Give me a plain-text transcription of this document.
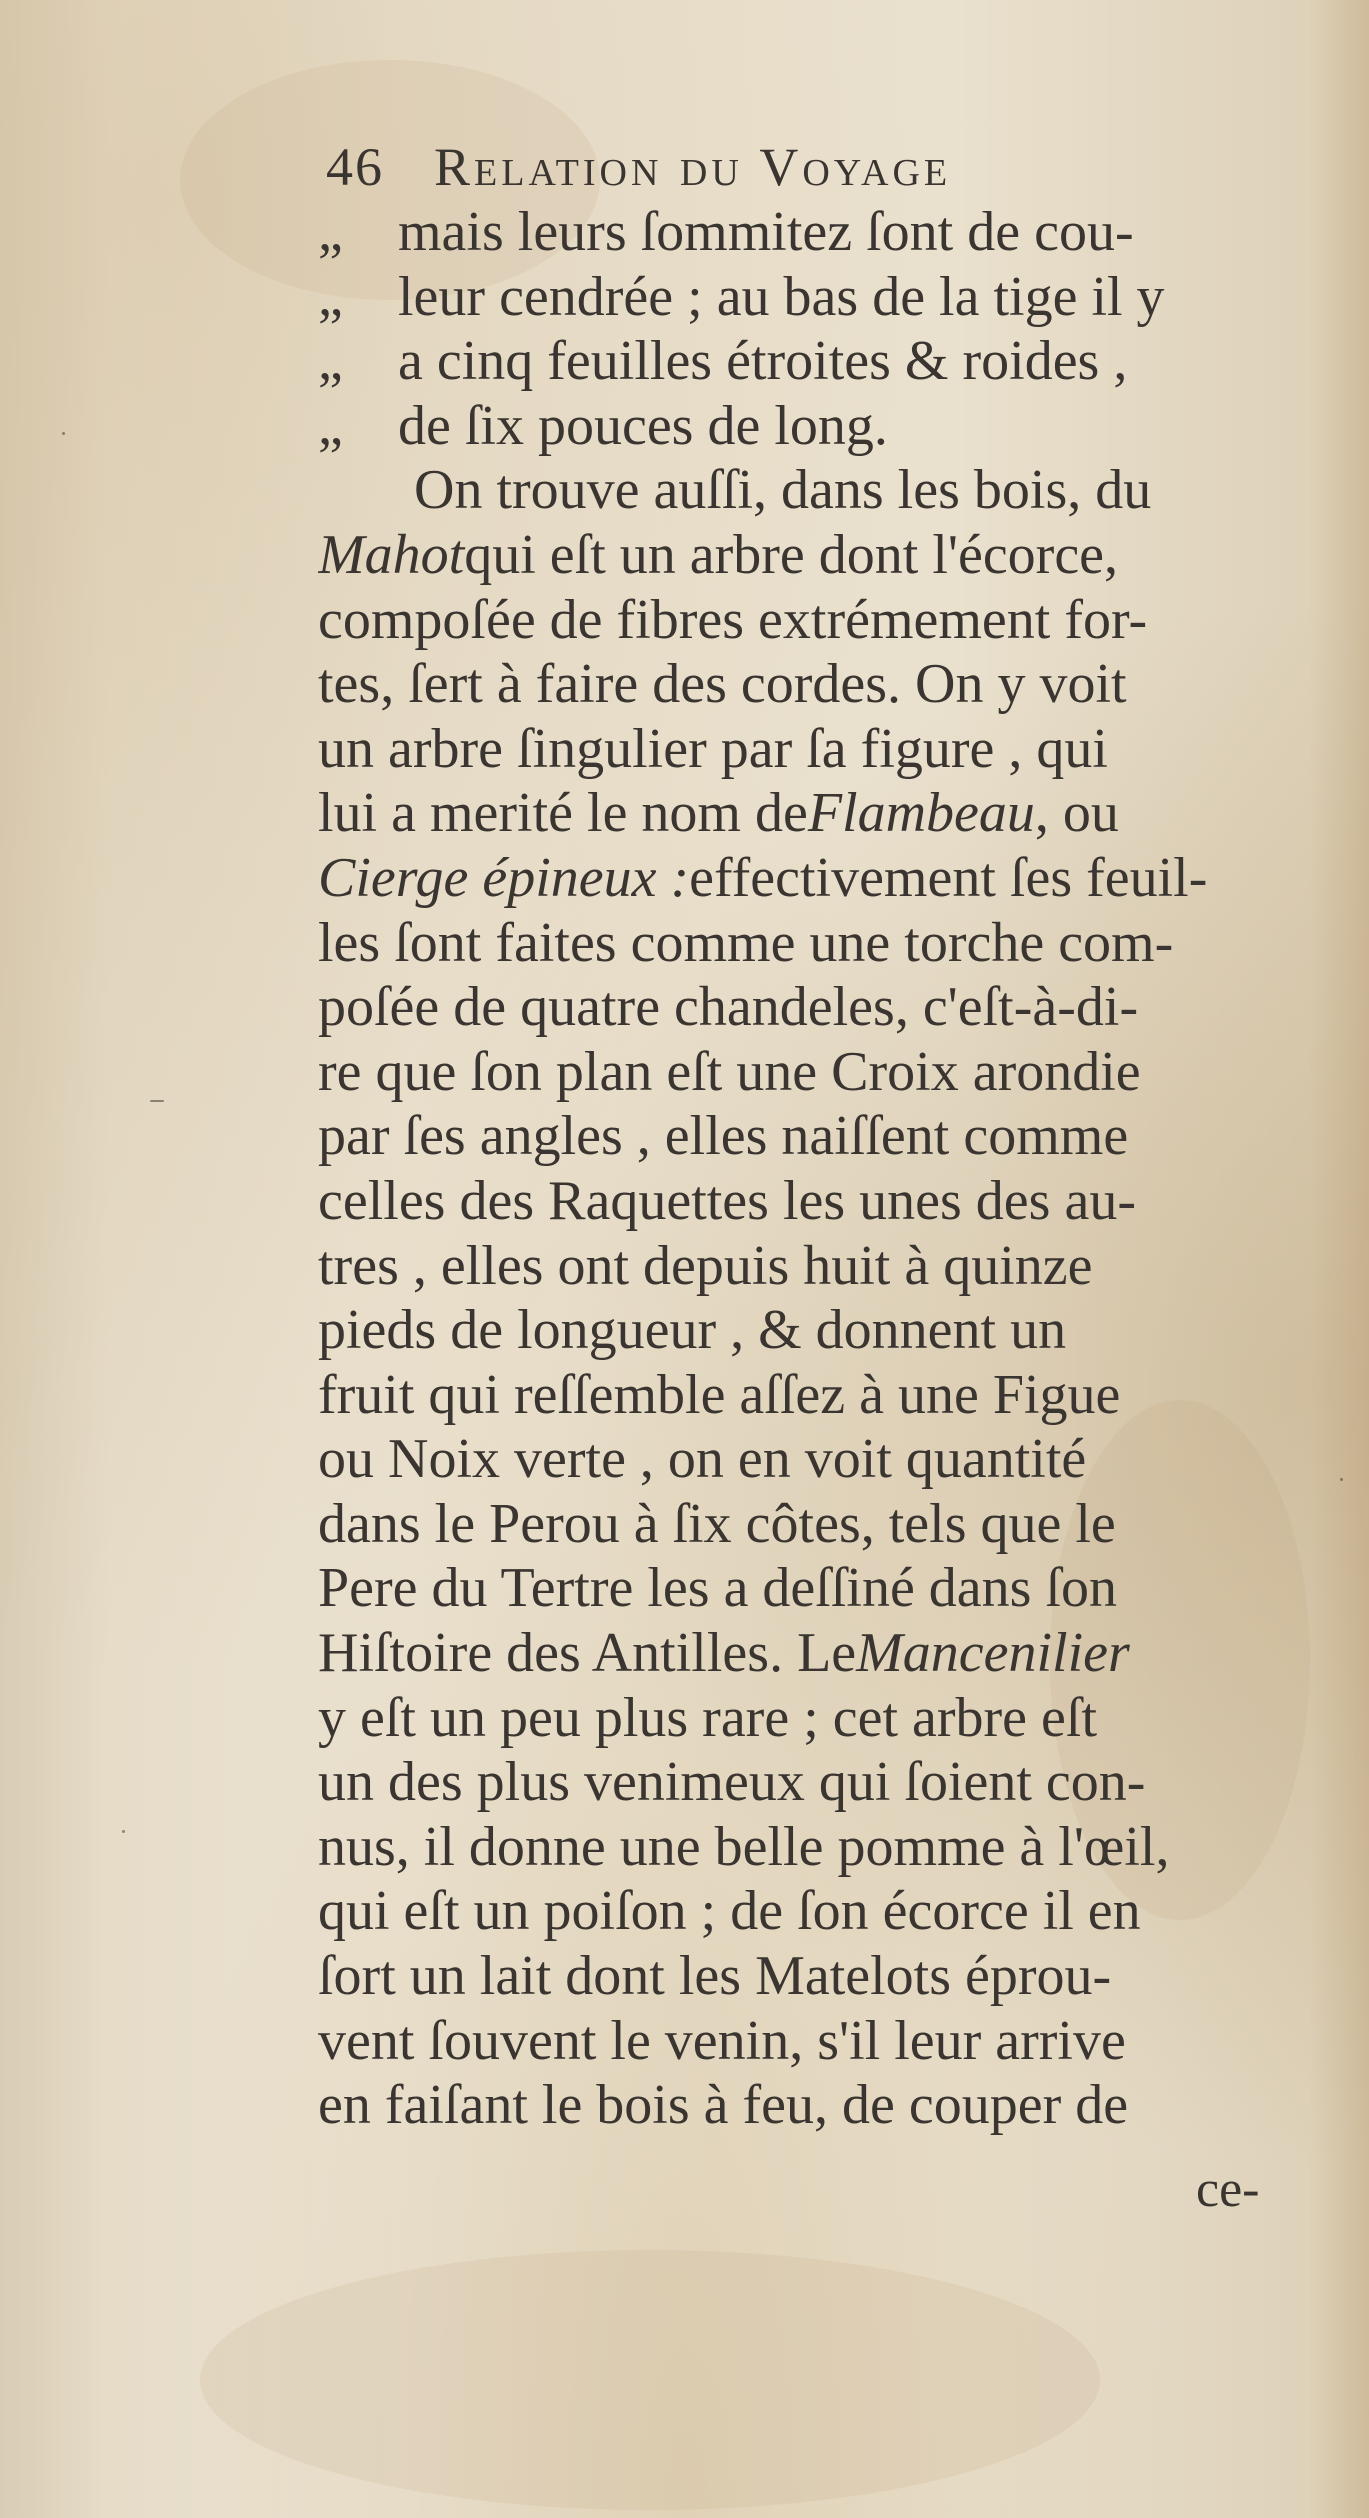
46 Relation du Voyage
„ mais leurs ſommitez ſont de cou-
„ leur cendrée ; au bas de la tige il y
„ a cinq feuilles étroites & roides ,
„ de ſix pouces de long.
On trouve auſſi, dans les bois, du
Mahotqui eſt un arbre dont l'écorce,
compoſée de fibres extrémement for-
tes, ſert à faire des cordes. On y voit
un arbre ſingulier par ſa figure , qui
lui a merité le nom deFlambeau, ou
Cierge épineux :effectivement ſes feuil-
les ſont faites comme une torche com-
poſée de quatre chandeles, c'eſt-à-di-
re que ſon plan eſt une Croix arondie
par ſes angles , elles naiſſent comme
celles des Raquettes les unes des au-
tres , elles ont depuis huit à quinze
pieds de longueur , & donnent un
fruit qui reſſemble aſſez à une Figue
ou Noix verte , on en voit quantité
dans le Perou à ſix côtes, tels que le
Pere du Tertre les a deſſiné dans ſon
Hiſtoire des Antilles. LeMancenilier
y eſt un peu plus rare ; cet arbre eſt
un des plus venimeux qui ſoient con-
nus, il donne une belle pomme à l'œil,
qui eſt un poiſon ; de ſon écorce il en
ſort un lait dont les Matelots éprou-
vent ſouvent le venin, s'il leur arrive
en faiſant le bois à feu, de couper de
ce-
